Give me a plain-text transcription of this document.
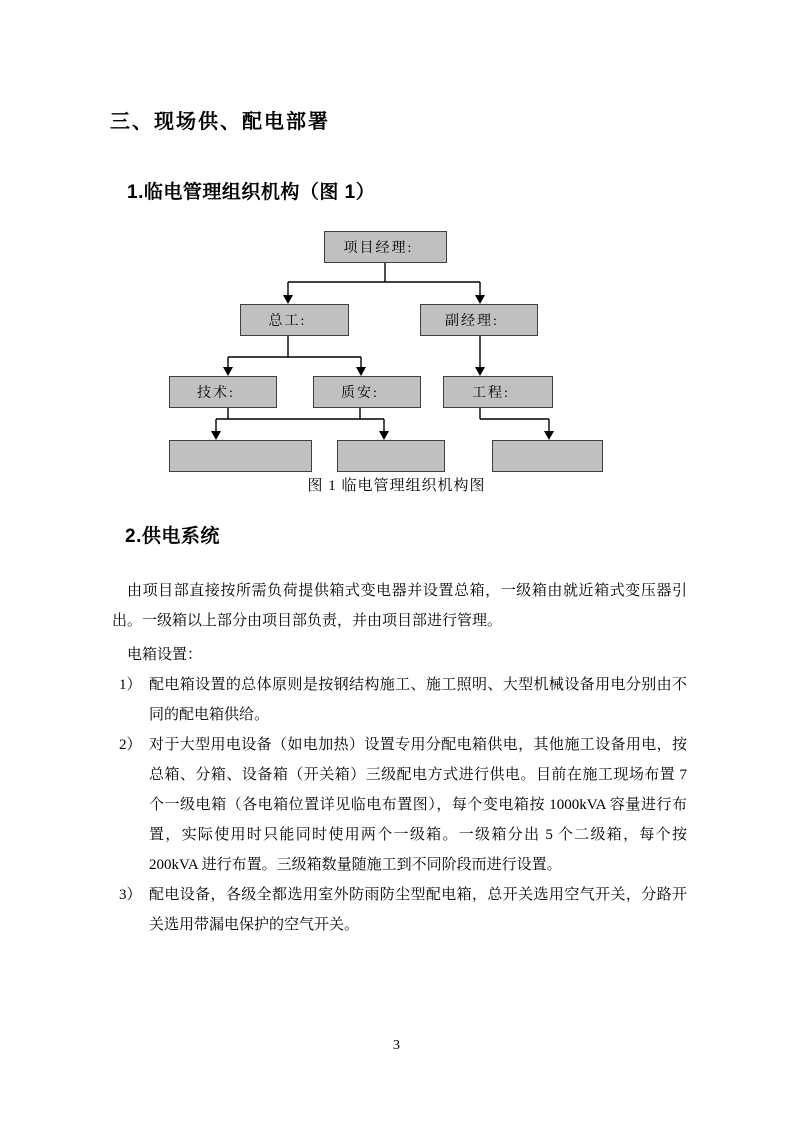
三、现场供、配电部署
1.临电管理组织机构（图 1）
项目经理:
总工:	副经理:
技术:	质安:	工程:
图 1 临电管理组织机构图
2.供电系统

由项目部直接按所需负荷提供箱式变电器并设置总箱，一级箱由就近箱式变压器引出。一级箱以上部分由项目部负责，并由项目部进行管理。

电箱设置：

1） 配电箱设置的总体原则是按钢结构施工、施工照明、大型机械设备用电分别由不同的配电箱供给。
2） 对于大型用电设备（如电加热）设置专用分配电箱供电，其他施工设备用电，按总箱、分箱、设备箱（开关箱）三级配电方式进行供电。目前在施工现场布置 7 个一级电箱（各电箱位置详见临电布置图），每个变电箱按 1000kVA 容量进行布置，实际使用时只能同时使用两个一级箱。一级箱分出 5 个二级箱，每个按 200kVA 进行布置。三级箱数量随施工到不同阶段而进行设置。
3） 配电设备，各级全都选用室外防雨防尘型配电箱，总开关选用空气开关，分路开关选用带漏电保护的空气开关。
3
